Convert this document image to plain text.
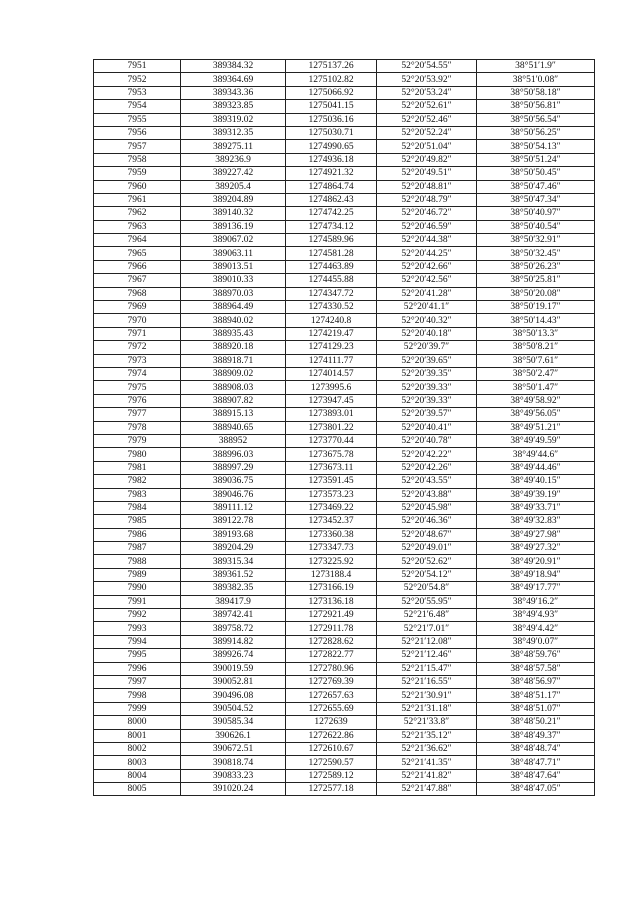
7951	389384.32	1275137.26	52°20′54.55″	38°51′1.9″
7952	389364.69	1275102.82	52°20′53.92″	38°51′0.08″
7953	389343.36	1275066.92	52°20′53.24″	38°50′58.18″
7954	389323.85	1275041.15	52°20′52.61″	38°50′56.81″
7955	389319.02	1275036.16	52°20′52.46″	38°50′56.54″
7956	389312.35	1275030.71	52°20′52.24″	38°50′56.25″
7957	389275.11	1274990.65	52°20′51.04″	38°50′54.13″
7958	389236.9	1274936.18	52°20′49.82″	38°50′51.24″
7959	389227.42	1274921.32	52°20′49.51″	38°50′50.45″
7960	389205.4	1274864.74	52°20′48.81″	38°50′47.46″
7961	389204.89	1274862.43	52°20′48.79″	38°50′47.34″
7962	389140.32	1274742.25	52°20′46.72″	38°50′40.97″
7963	389136.19	1274734.12	52°20′46.59″	38°50′40.54″
7964	389067.02	1274589.96	52°20′44.38″	38°50′32.91″
7965	389063.11	1274581.28	52°20′44.25″	38°50′32.45″
7966	389013.51	1274463.89	52°20′42.66″	38°50′26.23″
7967	389010.33	1274455.88	52°20′42.56″	38°50′25.81″
7968	388970.03	1274347.72	52°20′41.28″	38°50′20.08″
7969	388964.49	1274330.52	52°20′41.1″	38°50′19.17″
7970	388940.02	1274240.8	52°20′40.32″	38°50′14.43″
7971	388935.43	1274219.47	52°20′40.18″	38°50′13.3″
7972	388920.18	1274129.23	52°20′39.7″	38°50′8.21″
7973	388918.71	1274111.77	52°20′39.65″	38°50′7.61″
7974	388909.02	1274014.57	52°20′39.35″	38°50′2.47″
7975	388908.03	1273995.6	52°20′39.33″	38°50′1.47″
7976	388907.82	1273947.45	52°20′39.33″	38°49′58.92″
7977	388915.13	1273893.01	52°20′39.57″	38°49′56.05″
7978	388940.65	1273801.22	52°20′40.41″	38°49′51.21″
7979	388952	1273770.44	52°20′40.78″	38°49′49.59″
7980	388996.03	1273675.78	52°20′42.22″	38°49′44.6″
7981	388997.29	1273673.11	52°20′42.26″	38°49′44.46″
7982	389036.75	1273591.45	52°20′43.55″	38°49′40.15″
7983	389046.76	1273573.23	52°20′43.88″	38°49′39.19″
7984	389111.12	1273469.22	52°20′45.98″	38°49′33.71″
7985	389122.78	1273452.37	52°20′46.36″	38°49′32.83″
7986	389193.68	1273360.38	52°20′48.67″	38°49′27.98″
7987	389204.29	1273347.73	52°20′49.01″	38°49′27.32″
7988	389315.34	1273225.92	52°20′52.62″	38°49′20.91″
7989	389361.52	1273188.4	52°20′54.12″	38°49′18.94″
7990	389382.35	1273166.19	52°20′54.8″	38°49′17.77″
7991	389417.9	1273136.18	52°20′55.95″	38°49′16.2″
7992	389742.41	1272921.49	52°21′6.48″	38°49′4.93″
7993	389758.72	1272911.78	52°21′7.01″	38°49′4.42″
7994	389914.82	1272828.62	52°21′12.08″	38°49′0.07″
7995	389926.74	1272822.77	52°21′12.46″	38°48′59.76″
7996	390019.59	1272780.96	52°21′15.47″	38°48′57.58″
7997	390052.81	1272769.39	52°21′16.55″	38°48′56.97″
7998	390496.08	1272657.63	52°21′30.91″	38°48′51.17″
7999	390504.52	1272655.69	52°21′31.18″	38°48′51.07″
8000	390585.34	1272639	52°21′33.8″	38°48′50.21″
8001	390626.1	1272622.86	52°21′35.12″	38°48′49.37″
8002	390672.51	1272610.67	52°21′36.62″	38°48′48.74″
8003	390818.74	1272590.57	52°21′41.35″	38°48′47.71″
8004	390833.23	1272589.12	52°21′41.82″	38°48′47.64″
8005	391020.24	1272577.18	52°21′47.88″	38°48′47.05″
